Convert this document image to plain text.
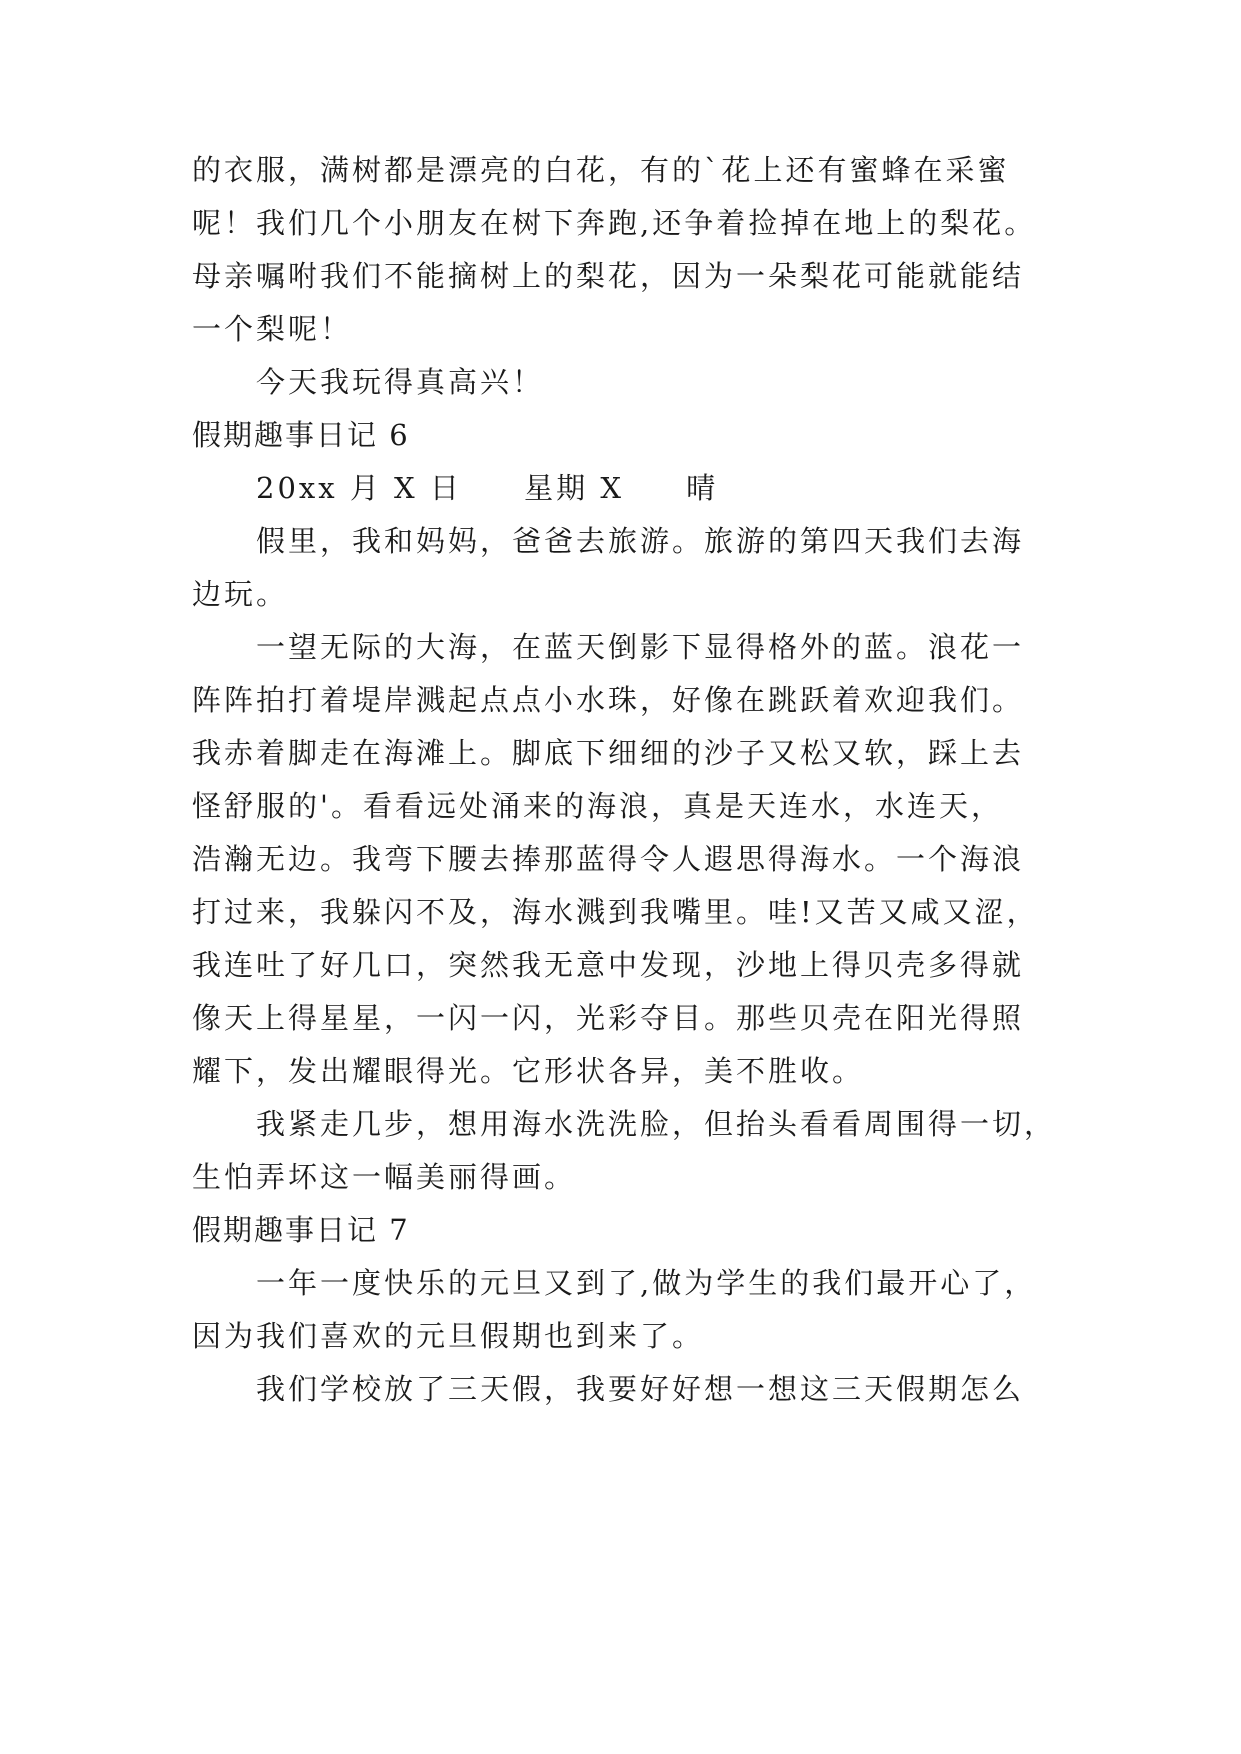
的衣服，满树都是漂亮的白花，有的`花上还有蜜蜂在采蜜
呢！我们几个小朋友在树下奔跑,还争着捡掉在地上的梨花。
母亲嘱咐我们不能摘树上的梨花，因为一朵梨花可能就能结
一个梨呢！
今天我玩得真高兴！
假期趣事日记 6
20xx 月 X 日 星期 X 晴
假里，我和妈妈，爸爸去旅游。旅游的第四天我们去海
边玩。
一望无际的大海，在蓝天倒影下显得格外的蓝。浪花一
阵阵拍打着堤岸溅起点点小水珠，好像在跳跃着欢迎我们。
我赤着脚走在海滩上。脚底下细细的沙子又松又软，踩上去
怪舒服的'。看看远处涌来的海浪，真是天连水，水连天，
浩瀚无边。我弯下腰去捧那蓝得令人遐思得海水。一个海浪
打过来，我躲闪不及，海水溅到我嘴里。哇!又苦又咸又涩，
我连吐了好几口，突然我无意中发现，沙地上得贝壳多得就
像天上得星星，一闪一闪，光彩夺目。那些贝壳在阳光得照
耀下，发出耀眼得光。它形状各异，美不胜收。
我紧走几步，想用海水洗洗脸，但抬头看看周围得一切，
生怕弄坏这一幅美丽得画。
假期趣事日记 7
一年一度快乐的元旦又到了,做为学生的我们最开心了，
因为我们喜欢的元旦假期也到来了。
我们学校放了三天假，我要好好想一想这三天假期怎么
